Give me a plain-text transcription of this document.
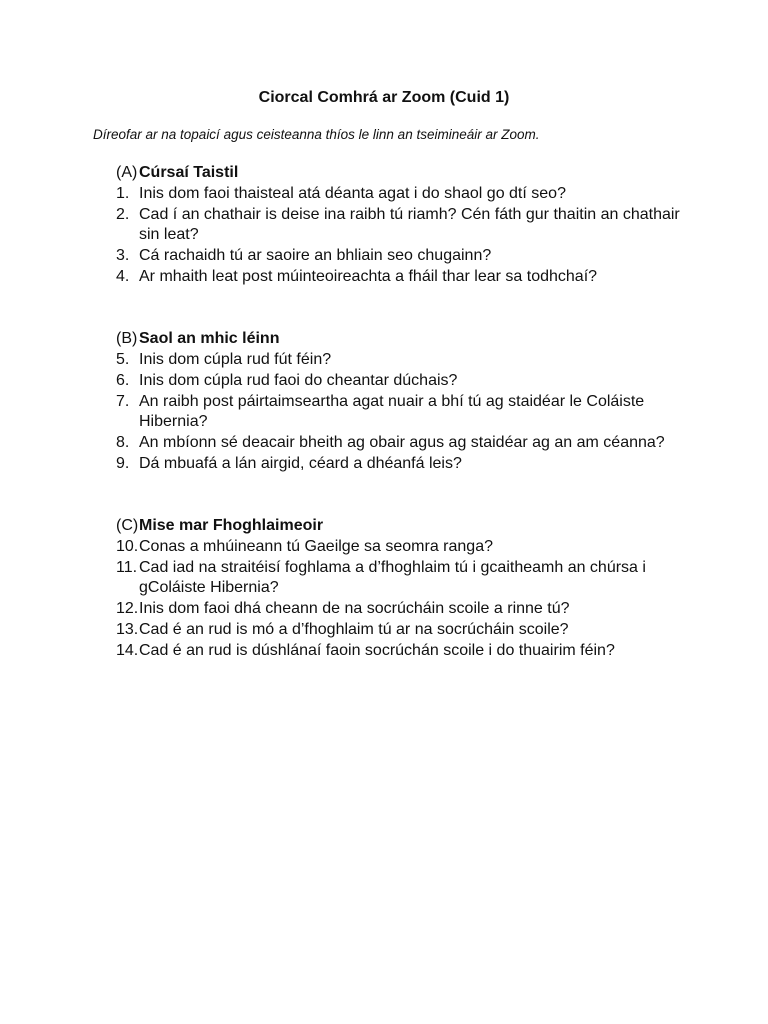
Ciorcal Comhrá ar Zoom (Cuid 1)
Díreofar ar na topaicí agus ceisteanna thíos le linn an tseimineáir ar Zoom.
(A) Cúrsaí Taistil
1. Inis dom faoi thaisteal atá déanta agat i do shaol go dtí seo?
2. Cad í an chathair is deise ina raibh tú riamh? Cén fáth gur thaitin an chathair sin leat?
3. Cá rachaidh tú ar saoire an bhliain seo chugainn?
4. Ar mhaith leat post múinteoireachta a fháil thar lear sa todhchaí?
(B) Saol an mhic léinn
5. Inis dom cúpla rud fút féin?
6. Inis dom cúpla rud faoi do cheantar dúchais?
7. An raibh post páirtaimseartha agat nuair a bhí tú ag staidéar le Coláiste Hibernia?
8. An mbíonn sé deacair bheith ag obair agus ag staidéar ag an am céanna?
9. Dá mbuafá a lán airgid, céard a dhéanfá leis?
(C) Mise mar Fhoghlaimeoir
10. Conas a mhúineann tú Gaeilge sa seomra ranga?
11. Cad iad na straitéisí foghlama a d’fhoghlaim tú i gcaitheamh an chúrsa i gColáiste Hibernia?
12. Inis dom faoi dhá cheann de na socrúcháin scoile a rinne tú?
13. Cad é an rud is mó a d’fhoghlaim tú ar na socrúcháin scoile?
14. Cad é an rud is dúshlánaí faoin socrúchán scoile i do thuairim féin?
